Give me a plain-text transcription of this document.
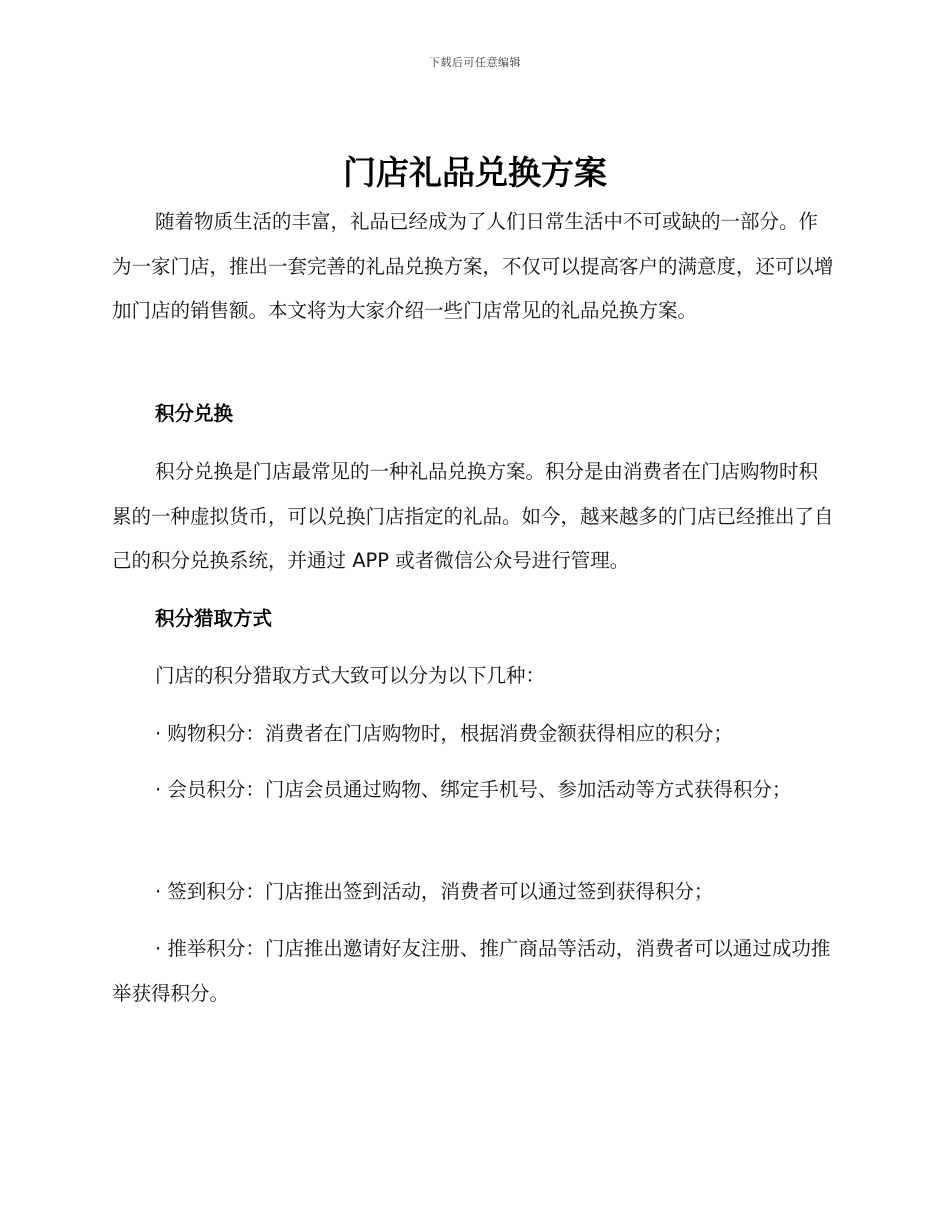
下载后可任意编辑
门店礼品兑换方案

随着物质生活的丰富，礼品已经成为了人们日常生活中不可或缺的一部分。作为一家门店，推出一套完善的礼品兑换方案，不仅可以提高客户的满意度，还可以增加门店的销售额。本文将为大家介绍一些门店常见的礼品兑换方案。

积分兑换

积分兑换是门店最常见的一种礼品兑换方案。积分是由消费者在门店购物时积累的一种虚拟货币，可以兑换门店指定的礼品。如今，越来越多的门店已经推出了自己的积分兑换系统，并通过 APP 或者微信公众号进行管理。

积分猎取方式

门店的积分猎取方式大致可以分为以下几种：

· 购物积分：消费者在门店购物时，根据消费金额获得相应的积分；

· 会员积分：门店会员通过购物、绑定手机号、参加活动等方式获得积分；

· 签到积分：门店推出签到活动，消费者可以通过签到获得积分；

· 推举积分：门店推出邀请好友注册、推广商品等活动，消费者可以通过成功推举获得积分。
